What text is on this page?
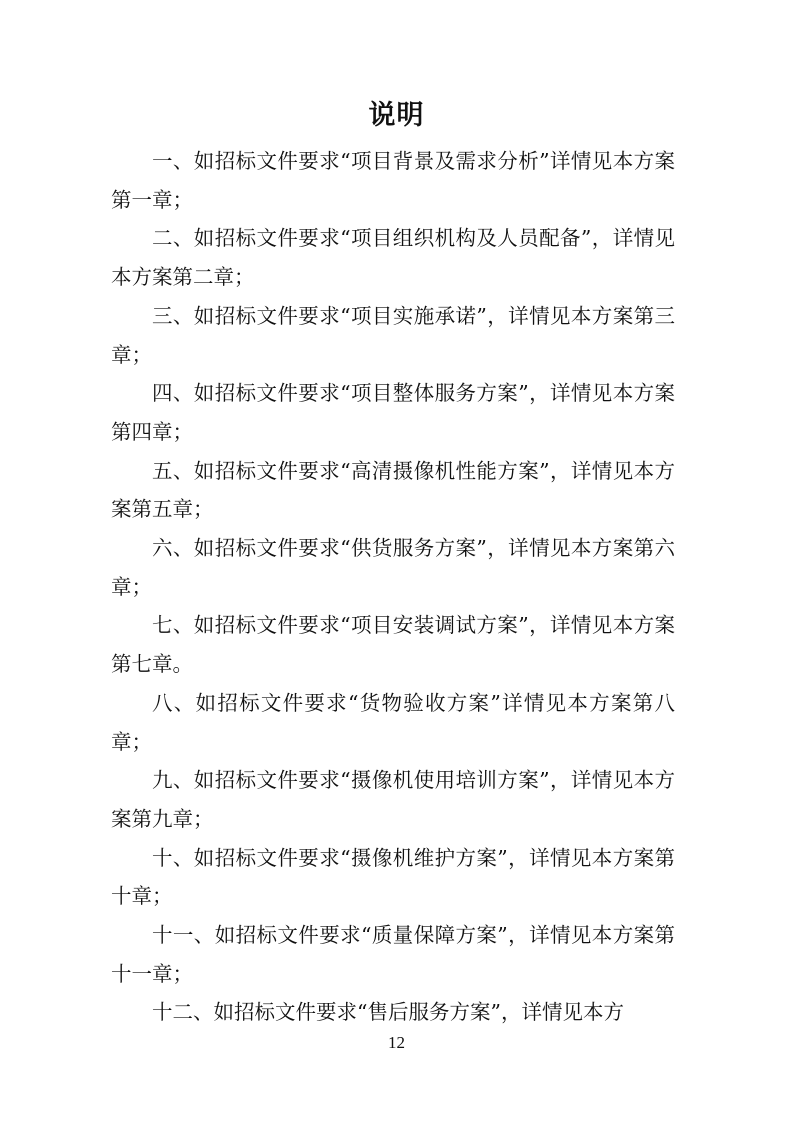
说明

一、如招标文件要求“项目背景及需求分析”详情见本方案第一章；

二、如招标文件要求“项目组织机构及人员配备”，详情见本方案第二章；

三、如招标文件要求“项目实施承诺”，详情见本方案第三章；

四、如招标文件要求“项目整体服务方案”，详情见本方案第四章；

五、如招标文件要求“高清摄像机性能方案”，详情见本方案第五章；

六、如招标文件要求“供货服务方案”，详情见本方案第六章；

七、如招标文件要求“项目安装调试方案”，详情见本方案第七章。

八、如招标文件要求“货物验收方案”详情见本方案第八章；

九、如招标文件要求“摄像机使用培训方案”，详情见本方案第九章；

十、如招标文件要求“摄像机维护方案”，详情见本方案第十章；

十一、如招标文件要求“质量保障方案”，详情见本方案第十一章；

十二、如招标文件要求“售后服务方案”，详情见本方

12
